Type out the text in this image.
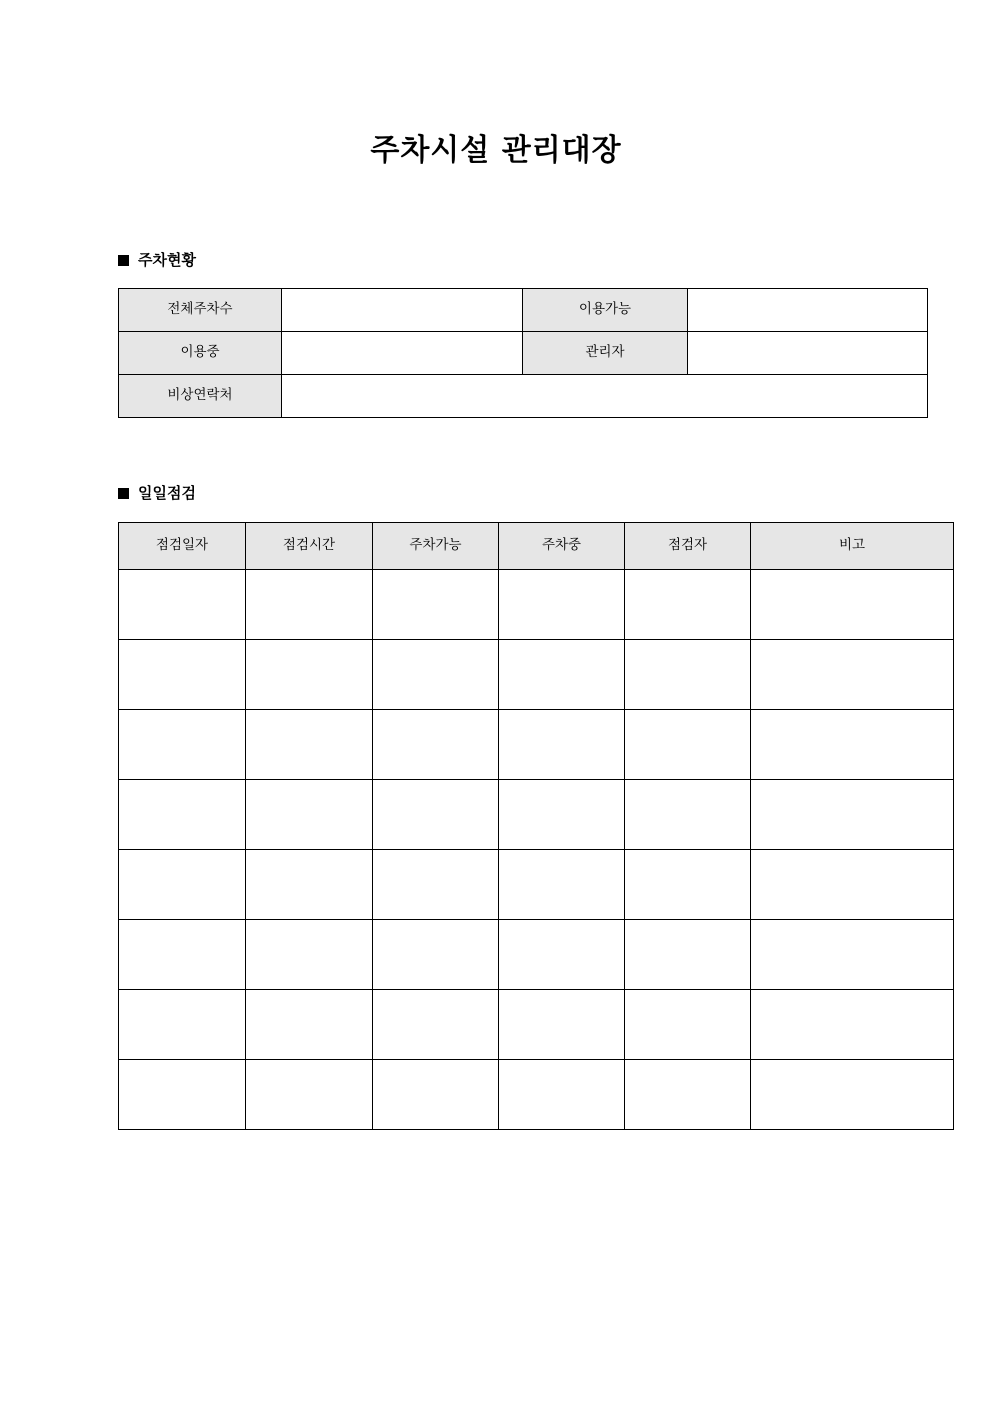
주차시설 관리대장
주차현황
전체주차수		이용가능	
이용중		관리자	
비상연락처			
일일점검
점검일자	점검시간	주차가능	주차중	점검자	비고
